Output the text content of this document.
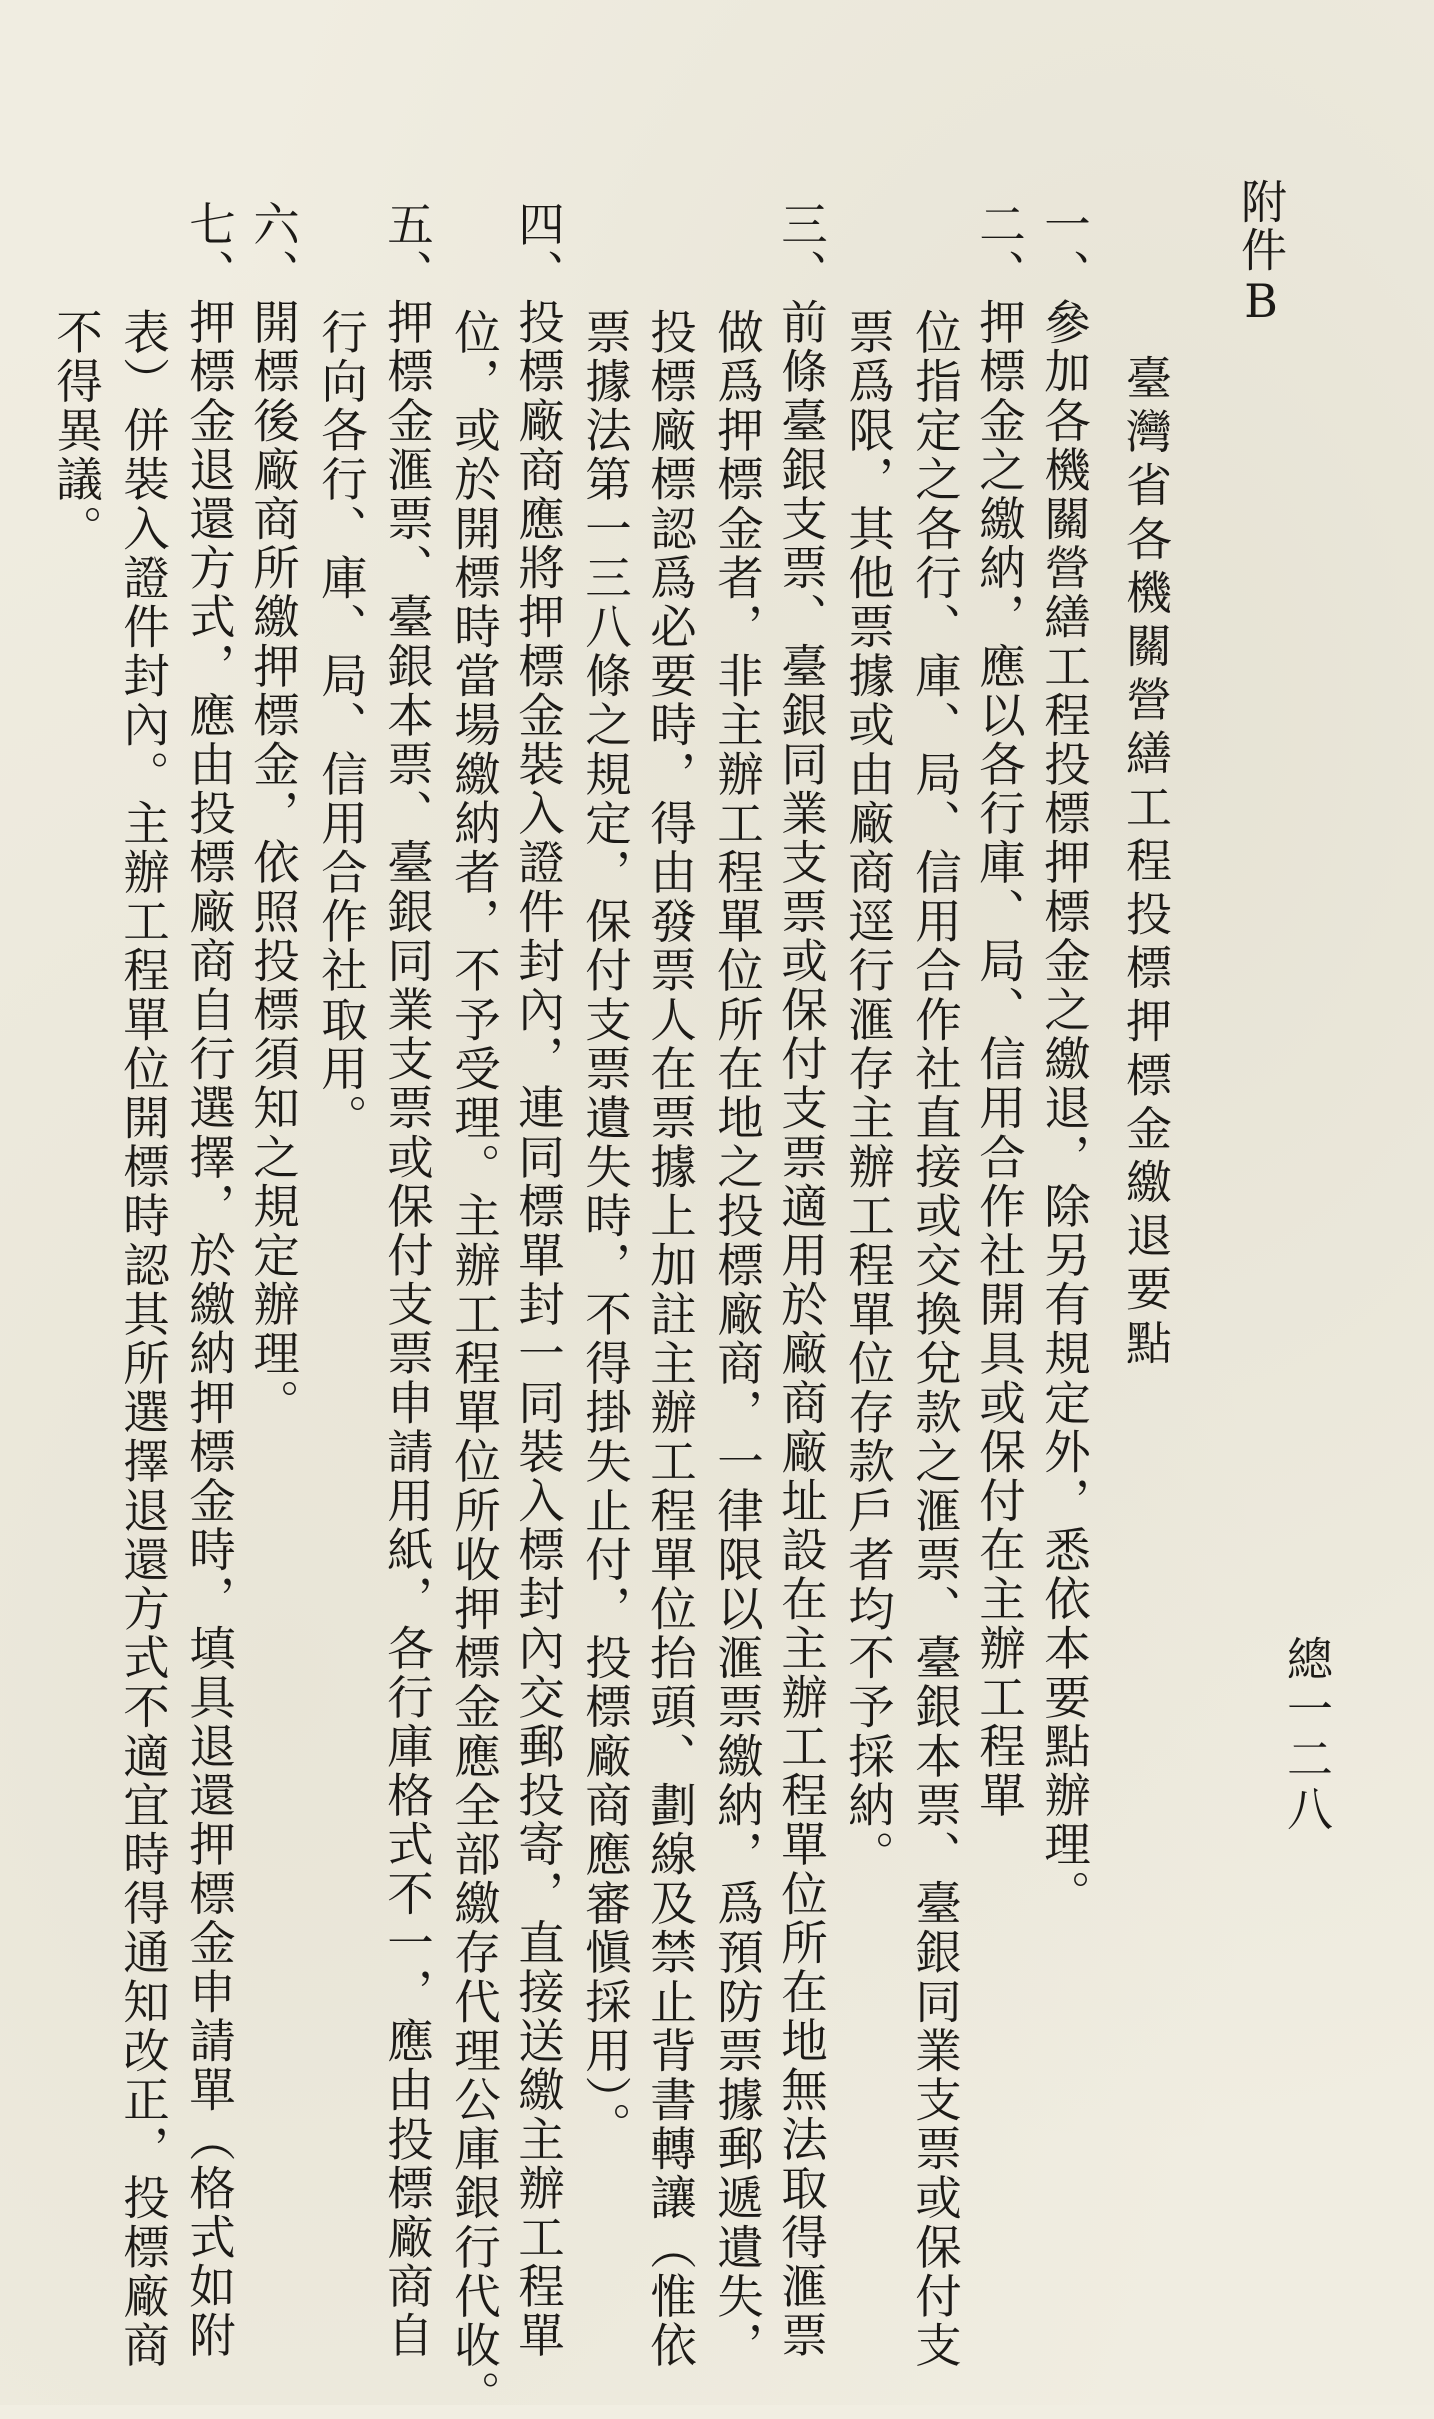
總一二八
附件B
臺灣省各機關營繕工程投標押標金繳退要點
一、參加各機關營繕工程投標押標金之繳退，除另有規定外，悉依本要點辦理。
二、押標金之繳納，應以各行庫、局、信用合作社開具或保付在主辦工程單
位指定之各行、庫、局、信用合作社直接或交換兌款之滙票、臺銀本票、臺銀同業支票或保付支
票爲限，其他票據或由廠商逕行滙存主辦工程單位存款戶者均不予採納。
三、前條臺銀支票、臺銀同業支票或保付支票適用於廠商廠址設在主辦工程單位所在地無法取得滙票
做爲押標金者，非主辦工程單位所在地之投標廠商，一律限以滙票繳納，爲預防票據郵遞遺失，
投標廠標認爲必要時，得由發票人在票據上加註主辦工程單位抬頭、劃線及禁止背書轉讓（惟依
票據法第一三八條之規定，保付支票遺失時，不得掛失止付，投標廠商應審愼採用）。
四、投標廠商應將押標金裝入證件封內，連同標單封一同裝入標封內交郵投寄，直接送繳主辦工程單
位，或於開標時當場繳納者，不予受理。主辦工程單位所收押標金應全部繳存代理公庫銀行代收。
五、押標金滙票、臺銀本票、臺銀同業支票或保付支票申請用紙，各行庫格式不一，應由投標廠商自
行向各行、庫、局、信用合作社取用。
六、開標後廠商所繳押標金，依照投標須知之規定辦理。
七、押標金退還方式，應由投標廠商自行選擇，於繳納押標金時，填具退還押標金申請單（格式如附
表）併裝入證件封內。主辦工程單位開標時認其所選擇退還方式不適宜時得通知改正，投標廠商
不得異議。
